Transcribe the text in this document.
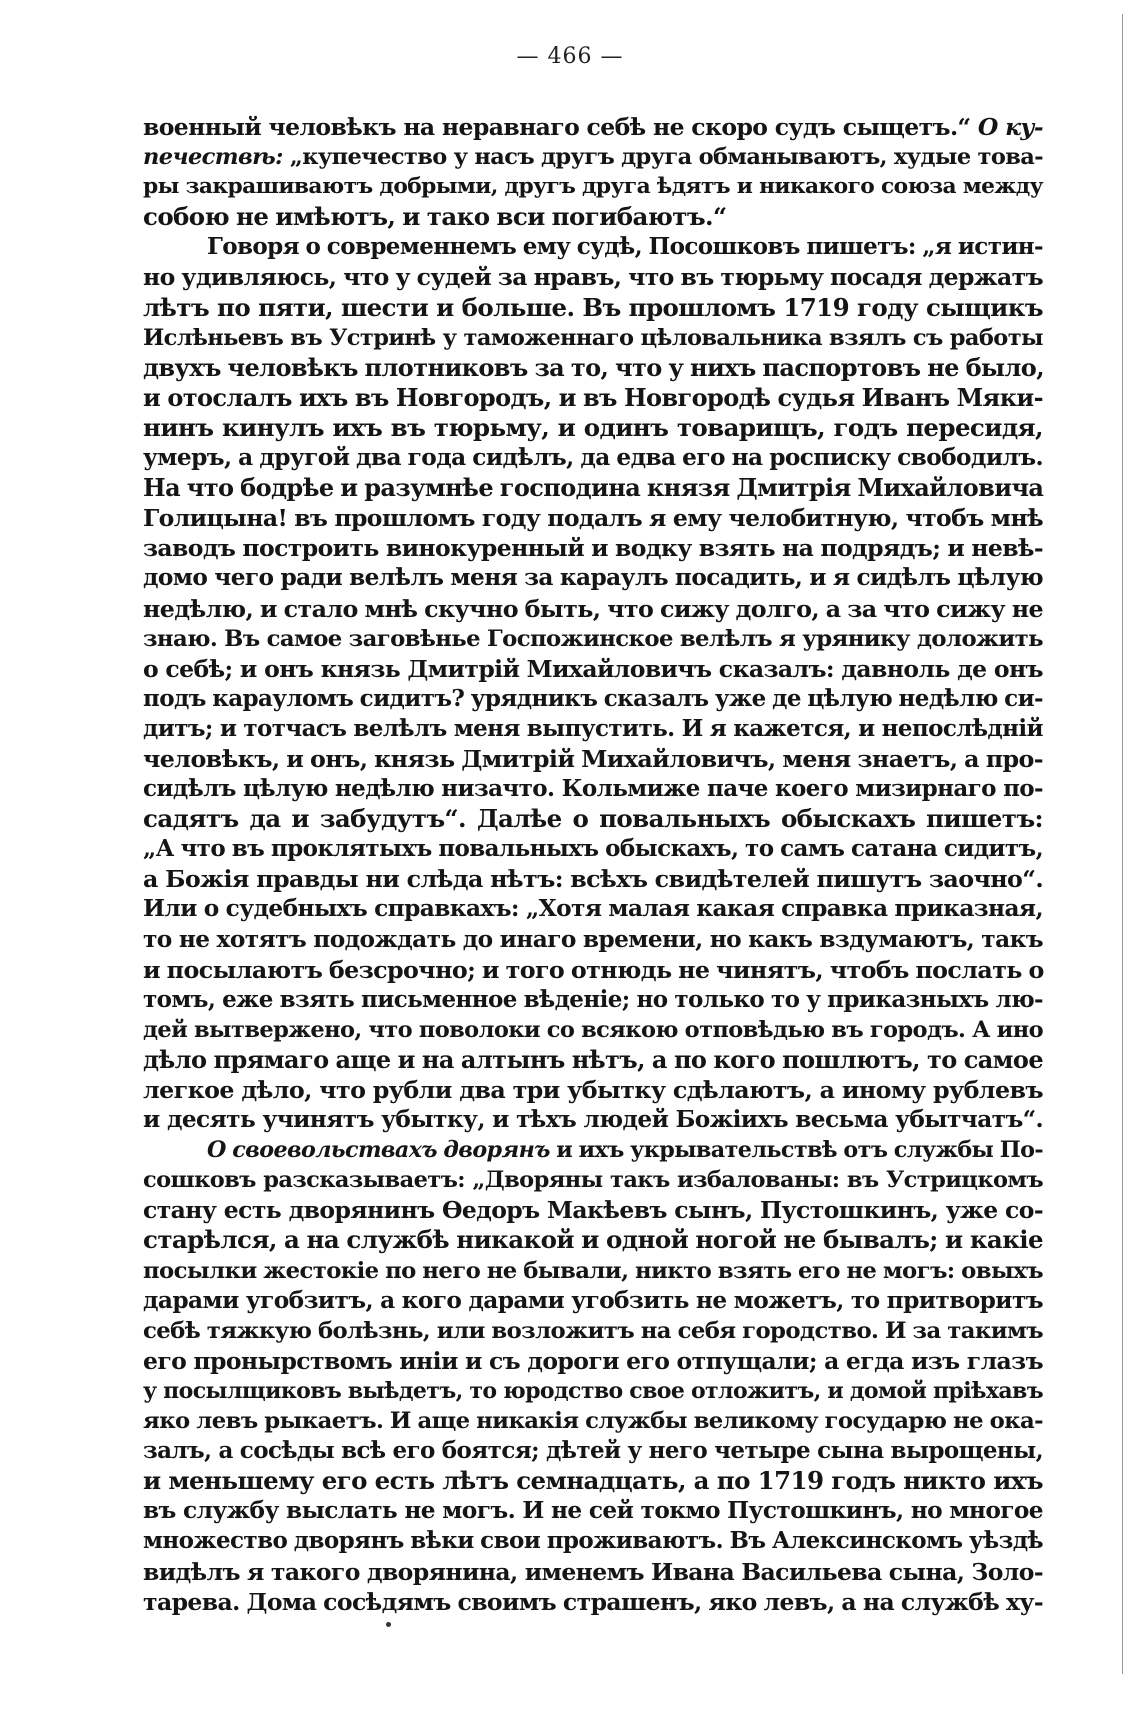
— 466 —
военный человѣкъ на неравнаго себѣ не скоро судъ сыщетъ.“ О ку-
печествѣ: „купечество у насъ другъ друга обманываютъ, худые това-
ры закрашиваютъ добрыми, другъ друга ѣдятъ и никакого союза между
собою не имѣютъ, и тако вси погибаютъ.“
Говоря о современнемъ ему судѣ, Посошковъ пишетъ: „я истин-
но удивляюсь, что у судей за нравъ, что въ тюрьму посадя держатъ
лѣтъ по пяти, шести и больше. Въ прошломъ 1719 году сыщикъ
Ислѣньевъ въ Устринѣ у таможеннаго цѣловальника взялъ съ работы
двухъ человѣкъ плотниковъ за то, что у нихъ паспортовъ не было,
и отослалъ ихъ въ Новгородъ, и въ Новгородѣ судья Иванъ Мяки-
нинъ кинулъ ихъ въ тюрьму, и одинъ товарищъ, годъ пересидя,
умеръ, а другой два года сидѣлъ, да едва его на росписку свободилъ.
На что бодрѣе и разумнѣе господина князя Дмитрія Михайловича
Голицына! въ прошломъ году подалъ я ему челобитную, чтобъ мнѣ
заводъ построить винокуренный и водку взять на подрядъ; и невѣ-
домо чего ради велѣлъ меня за караулъ посадить, и я сидѣлъ цѣлую
недѣлю, и стало мнѣ скучно быть, что сижу долго, а за что сижу не
знаю. Въ самое заговѣнье Госпожинское велѣлъ я урянику доложить
о себѣ; и онъ князь Дмитрій Михайловичъ сказалъ: давноль де онъ
подъ карауломъ сидитъ? урядникъ сказалъ уже де цѣлую недѣлю си-
дитъ; и тотчасъ велѣлъ меня выпустить. И я кажется, и непослѣдній
человѣкъ, и онъ, князь Дмитрій Михайловичъ, меня знаетъ, а про-
сидѣлъ цѣлую недѣлю низачто. Кольмиже паче коего мизирнаго по-
садятъ да и забудутъ“. Далѣе о повальныхъ обыскахъ пишетъ:
„А что въ проклятыхъ повальныхъ обыскахъ, то самъ сатана сидитъ,
а Божія правды ни слѣда нѣтъ: всѣхъ свидѣтелей пишутъ заочно“.
Или о судебныхъ справкахъ: „Хотя малая какая справка приказная,
то не хотятъ подождать до инаго времени, но какъ вздумаютъ, такъ
и посылаютъ безсрочно; и того отнюдь не чинятъ, чтобъ послать о
томъ, еже взять письменное вѣденіе; но только то у приказныхъ лю-
дей вытвержено, что поволоки со всякою отповѣдью въ городъ. А ино
дѣло прямаго аще и на алтынъ нѣтъ, а по кого пошлютъ, то самое
легкое дѣло, что рубли два три убытку сдѣлаютъ, а иному рублевъ
и десять учинятъ убытку, и тѣхъ людей Божіихъ весьма убытчатъ“.
О своевольствахъ дворянъ и ихъ укрывательствѣ отъ службы По-
сошковъ разсказываетъ: „Дворяны такъ избалованы: въ Устрицкомъ
стану есть дворянинъ Ѳедоръ Макѣевъ сынъ, Пустошкинъ, уже со-
старѣлся, а на службѣ никакой и одной ногой не бывалъ; и какіе
посылки жестокіе по него не бывали, никто взять его не могъ: овыхъ
дарами угобзитъ, а кого дарами угобзить не можетъ, то притворитъ
себѣ тяжкую болѣзнь, или возложитъ на себя городство. И за такимъ
его пронырствомъ иніи и съ дороги его отпущали; а егда изъ глазъ
у посылщиковъ выѣдетъ, то юродство свое отложитъ, и домой пріѣхавъ
яко левъ рыкаетъ. И аще никакія службы великому государю не ока-
залъ, а сосѣды всѣ его боятся; дѣтей у него четыре сына вырощены,
и меньшему его есть лѣтъ семнадцать, а по 1719 годъ никто ихъ
въ службу выслать не могъ. И не сей токмо Пустошкинъ, но многое
множество дворянъ вѣки свои проживаютъ. Въ Алексинскомъ уѣздѣ
видѣлъ я такого дворянина, именемъ Ивана Васильева сына, Золо-
тарева. Дома сосѣдямъ своимъ страшенъ, яко левъ, а на службѣ ху-
